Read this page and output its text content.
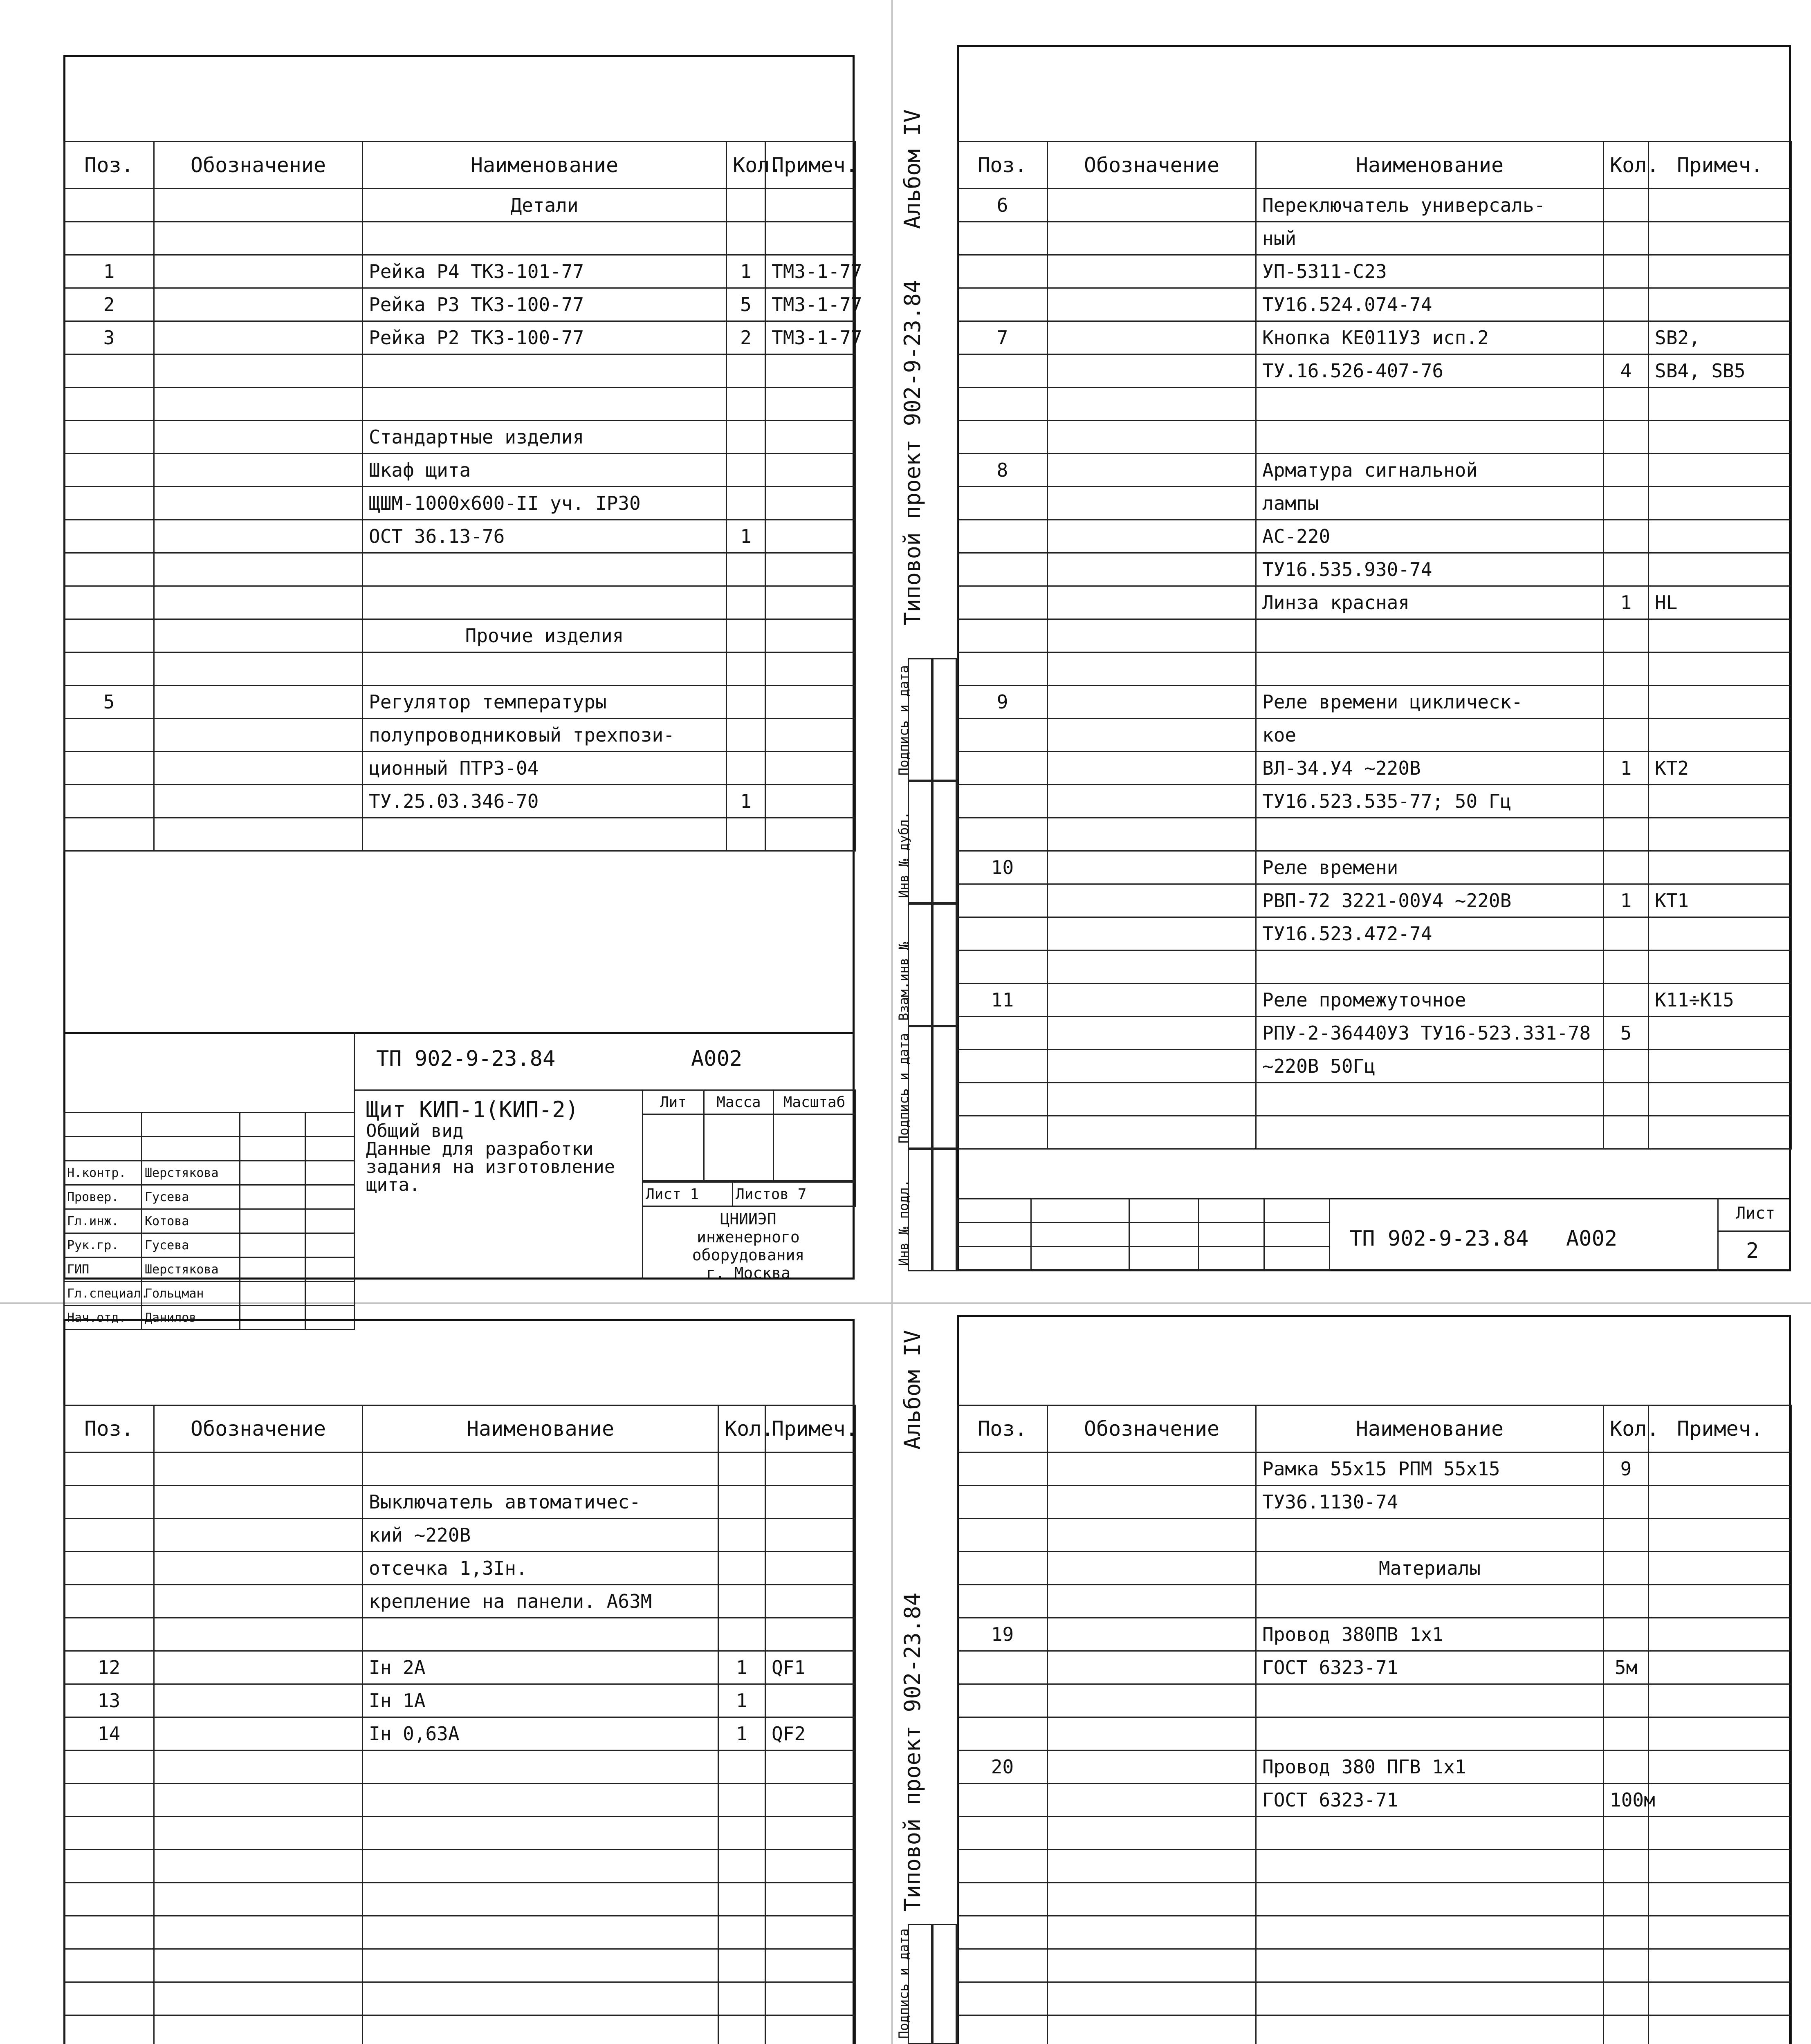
Поз.	Обозначение	Наименование	Кол.	Примеч.
		Детали		

1		Рейка Р4 ТК3-101-77	1	ТМ3-1-77
2		Рейка Р3 ТК3-100-77	5	ТМ3-1-77
3		Рейка Р2 ТК3-100-77	2	ТМ3-1-77

		Стандартные изделия		
		Шкаф щита		
		ЩШМ-1000х600-II уч. IP30		
		ОСТ 36.13-76	1	

		Прочие изделия		

5		Регулятор температуры		
		полупроводниковый трехпози-		
		ционный ПТР3-04		
		ТУ.25.03.346-70	1	

Н.контр.	Шерстякова		
Провер.	Гусева		
Гл.инж.	Котова		
Рук.гр.	Гусева		
ГИП	Шерстякова		
Гл.специал.	Гольцман		
Нач.отд.	Данилов		
ТП 902-9-23.84	А002
Щит КИП-1(КИП-2)
Общий вид
Данные для разработки
задания на изготовление
щита.
Лит	Масса	Масштаб

Лист 1	Листов 7
ЦНИИЭП
инженерного оборудования
г. Москва
Альбом IV
Типовой проект 902-9-23.84
Инв № подл.
Подпись и дата
Взам.инв №
Инв № дубл.
Подпись и дата
Поз.	Обозначение	Наименование	Кол.	Примеч.
6		Переключатель универсаль-		
		ный		
		УП-5311-С23		
		ТУ16.524.074-74		
7		Кнопка КЕ011У3 исп.2		SB2,
		ТУ.16.526-407-76	4	SB4, SB5

8		Арматура сигнальной		
		лампы		
		АС-220		
		ТУ16.535.930-74		
		Линза красная	1	HL

9		Реле времени циклическ-		
		кое		
		ВЛ-34.У4 ~220В	1	КТ2
		ТУ16.523.535-77; 50 Гц		

10		Реле времени		
		РВП-72 3221-00У4 ~220В	1	КТ1
		ТУ16.523.472-74		

11		Реле промежуточное		К11÷К15
		РПУ-2-36440У3 ТУ16-523.331-78	5	
		~220В 50Гц		

ТП 902-9-23.84 А002
Лист
2
Поз.	Обозначение	Наименование	Кол.	Примеч.

		Выключатель автоматичес-		
		кий ~220В		
		отсечка 1,3Iн.		
		крепление на панели. А63М		

12		Iн 2А	1	QF1
13		Iн 1А	1	
14		Iн 0,63А	1	QF2

Альбом IV
Типовой проект 902-23.84
Подпись и дата
Поз.	Обозначение	Наименование	Кол.	Примеч.
		Рамка 55х15 РПМ 55х15	9	
		ТУ36.1130-74		

		Материалы		

19		Провод 380ПВ 1х1		
		ГОСТ 6323-71	5м	

20		Провод 380 ПГВ 1х1		
		ГОСТ 6323-71	100м	
